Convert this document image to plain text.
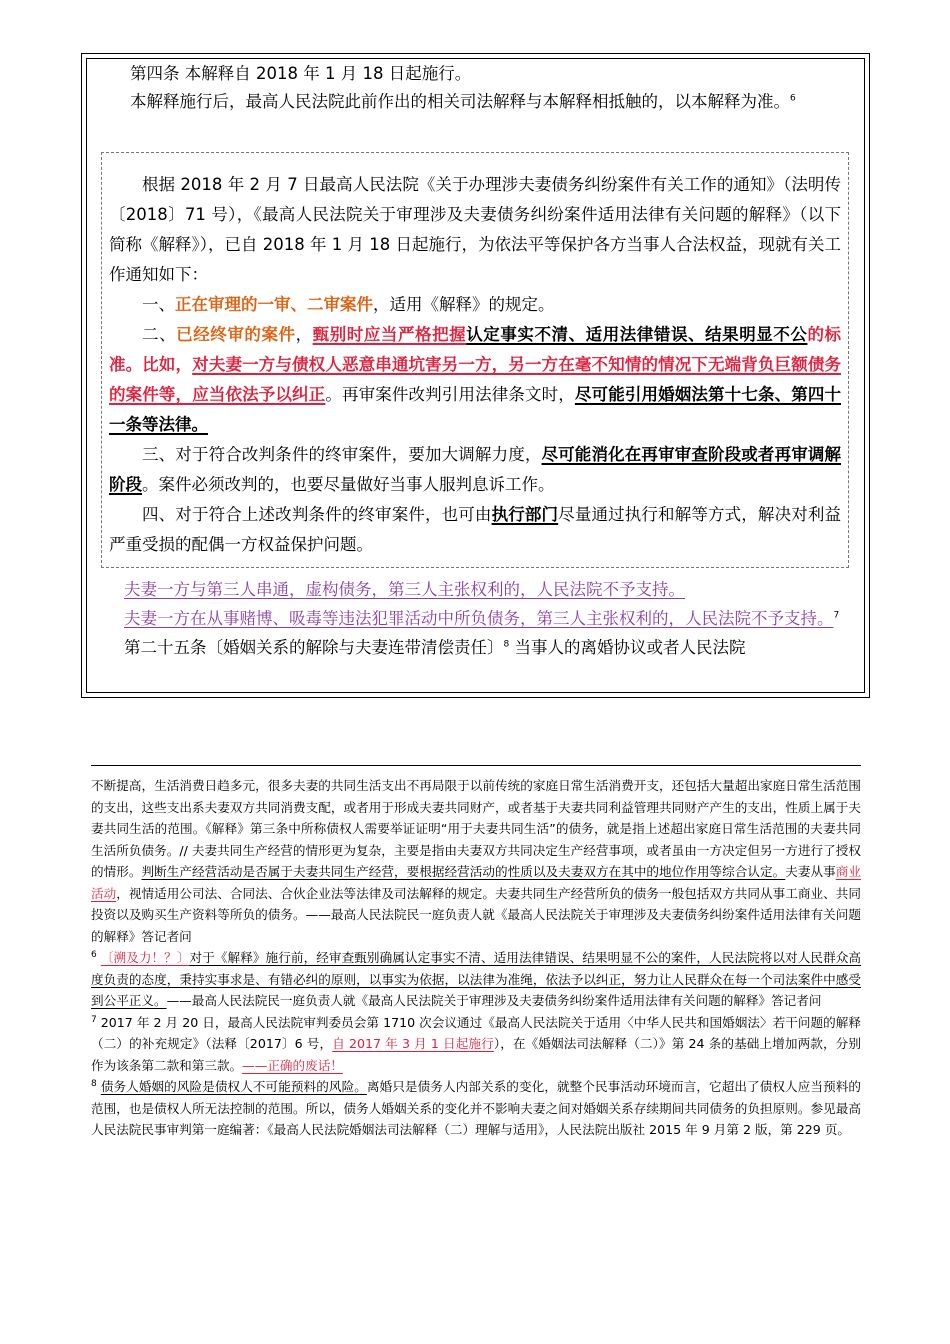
第四条 本解释自 2018 年 1 月 18 日起施行。

本解释施行后，最高人民法院此前作出的相关司法解释与本解释相抵触的，以本解释为准。$^6$

根据 2018 年 2 月 7 日最高人民法院《关于办理涉夫妻债务纠纷案件有关工作的通知》（法明传〔2018〕71 号），《最高人民法院关于审理涉及夫妻债务纠纷案件适用法律有关问题的解释》（以下简称《解释》），已自 2018 年 1 月 18 日起施行，为依法平等保护各方当事人合法权益，现就有关工作通知如下：

一、正在审理的一审、二审案件，适用《解释》的规定。

二、已经终审的案件，甄别时应当严格把握认定事实不清、适用法律错误、结果明显不公的标准。比如，对夫妻一方与债权人恶意串通坑害另一方，另一方在毫不知情的情况下无端背负巨额债务的案件等，应当依法予以纠正。再审案件改判引用法律条文时，尽可能引用婚姻法第十七条、第四十一条等法律。

三、对于符合改判条件的终审案件，要加大调解力度，尽可能消化在再审审查阶段或者再审调解阶段。案件必须改判的，也要尽量做好当事人服判息诉工作。

四、对于符合上述改判条件的终审案件，也可由执行部门尽量通过执行和解等方式，解决对利益严重受损的配偶一方权益保护问题。

夫妻一方与第三人串通，虚构债务，第三人主张权利的，人民法院不予支持。

夫妻一方在从事赌博、吸毒等违法犯罪活动中所负债务，第三人主张权利的，人民法院不予支持。$^7$

第二十五条〔婚姻关系的解除与夫妻连带清偿责任〕$^8$ 当事人的离婚协议或者人民法院

不断提高，生活消费日趋多元，很多夫妻的共同生活支出不再局限于以前传统的家庭日常生活消费开支，还包括大量超出家庭日常生活范围的支出，这些支出系夫妻双方共同消费支配，或者用于形成夫妻共同财产，或者基于夫妻共同利益管理共同财产产生的支出，性质上属于夫妻共同生活的范围。《解释》第三条中所称债权人需要举证证明“用于夫妻共同生活”的债务，就是指上述超出家庭日常生活范围的夫妻共同生活所负债务。// 夫妻共同生产经营的情形更为复杂，主要是指由夫妻双方共同决定生产经营事项，或者虽由一方决定但另一方进行了授权的情形。判断生产经营活动是否属于夫妻共同生产经营，要根据经营活动的性质以及夫妻双方在其中的地位作用等综合认定。夫妻从事商业活动，视情适用公司法、合同法、合伙企业法等法律及司法解释的规定。夫妻共同生产经营所负的债务一般包括双方共同从事工商业、共同投资以及购买生产资料等所负的债务。——最高人民法院民一庭负责人就《最高人民法院关于审理涉及夫妻债务纠纷案件适用法律有关问题的解释》答记者问

$^6$ 〔溯及力！？〕对于《解释》施行前，经审查甄别确属认定事实不清、适用法律错误、结果明显不公的案件，人民法院将以对人民群众高度负责的态度，秉持实事求是、有错必纠的原则，以事实为依据，以法律为准绳，依法予以纠正，努力让人民群众在每一个司法案件中感受到公平正义。——最高人民法院民一庭负责人就《最高人民法院关于审理涉及夫妻债务纠纷案件适用法律有关问题的解释》答记者问

$^7$ 2017 年 2 月 20 日，最高人民法院审判委员会第 1710 次会议通过《最高人民法院关于适用〈中华人民共和国婚姻法〉若干问题的解释（二）的补充规定》（法释〔2017〕6 号，自 2017 年 3 月 1 日起施行），在《婚姻法司法解释（二）》第 24 条的基础上增加两款，分别作为该条第二款和第三款。——正确的废话！

$^8$ 债务人婚姻的风险是债权人不可能预料的风险。离婚只是债务人内部关系的变化，就整个民事活动环境而言，它超出了债权人应当预料的范围，也是债权人所无法控制的范围。所以，债务人婚姻关系的变化并不影响夫妻之间对婚姻关系存续期间共同债务的负担原则。参见最高人民法院民事审判第一庭编著：《最高人民法院婚姻法司法解释（二）理解与适用》，人民法院出版社 2015 年 9 月第 2 版，第 229 页。
